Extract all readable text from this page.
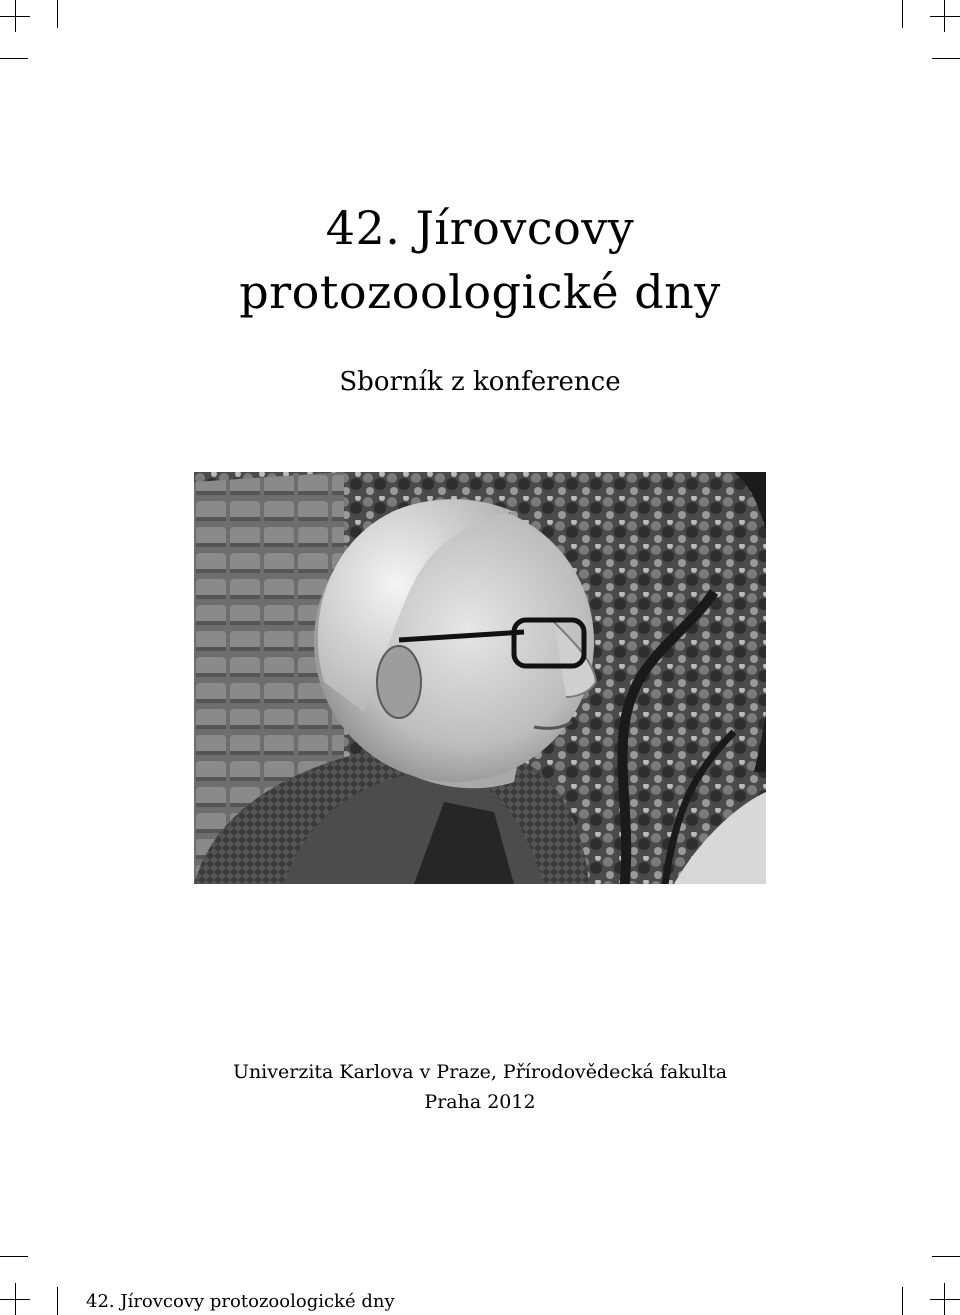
42. Jírovcovy
protozoologické dny
Sborník z konference
Univerzita Karlova v Praze, Přírodovědecká fakulta
Praha 2012
42. Jírovcovy protozoologické dny
